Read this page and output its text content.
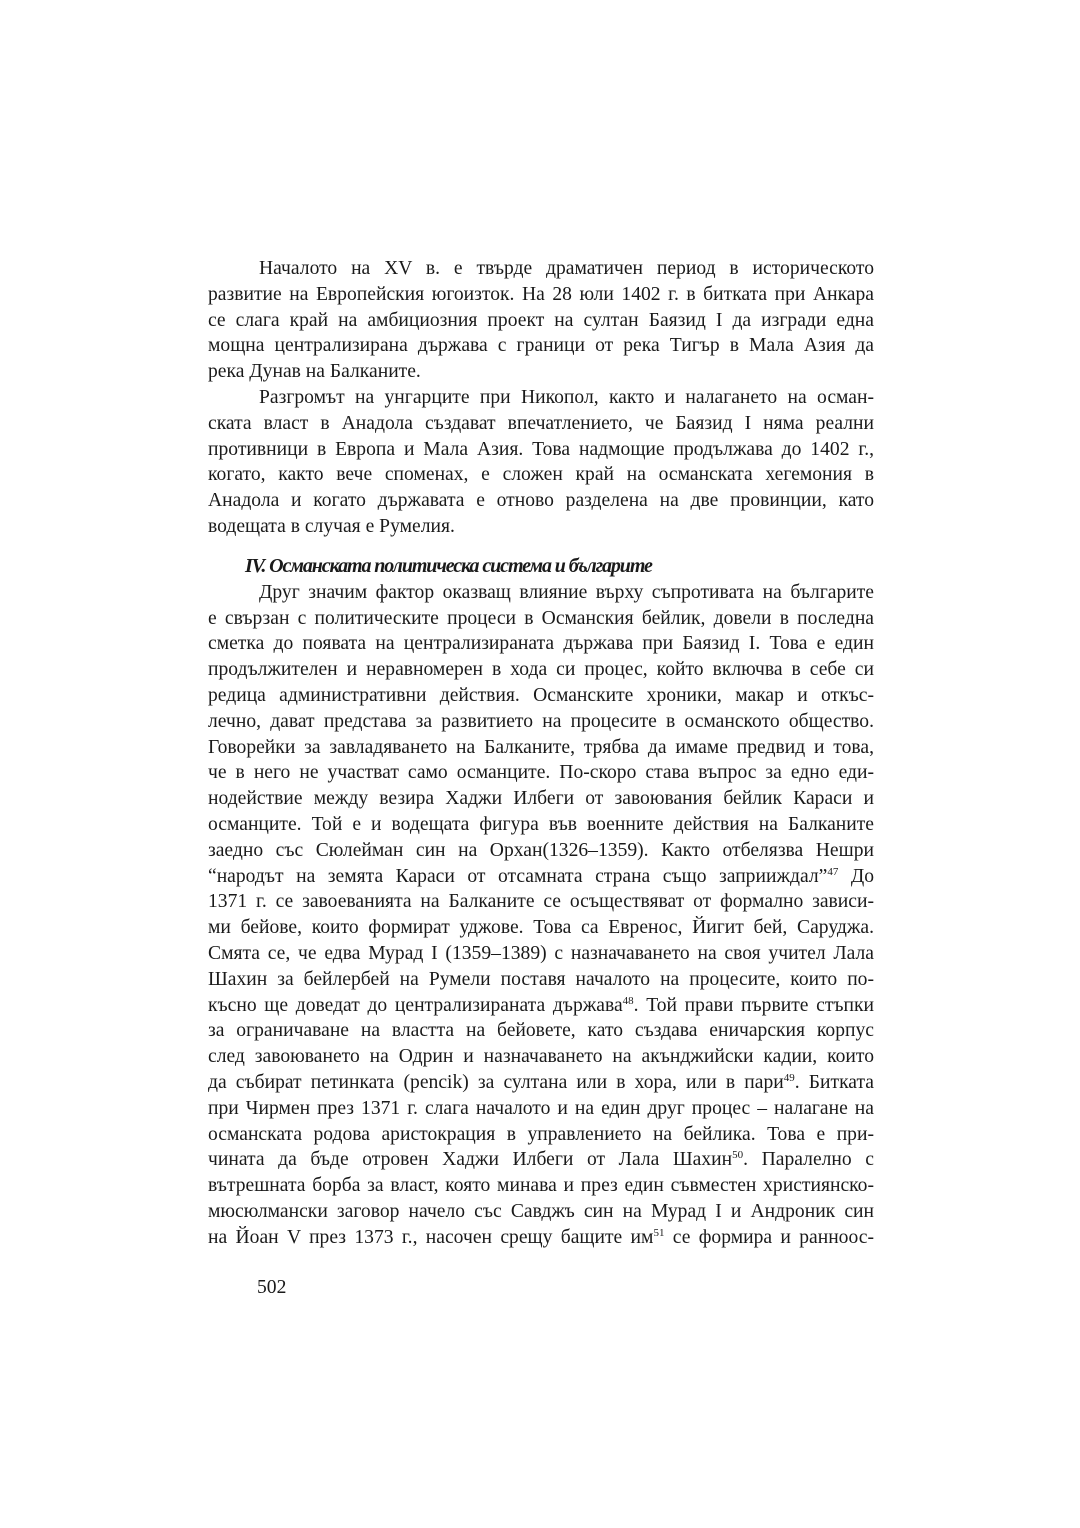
Началото на XV в. е твърде драматичен период в историческото
развитие на Европейския югоизток. На 28 юли 1402 г. в битката при Анкара
се слага край на амбициозния проект на султан Баязид I да изгради една
мощна централизирана държава с граници от река Тигър в Мала Азия да
река Дунав на Балканите.
Разгромът на унгарците при Никопол, както и налагането на осман-
ската власт в Анадола създават впечатлението, че Баязид I няма реални
противници в Европа и Мала Азия. Това надмощие продължава до 1402 г.,
когато, както вече споменах, е сложен край на османската хегемония в
Анадола и когато държавата е отново разделена на две провинции, като
водещата в случая е Румелия.
IV. Османската политическа система и българите
Друг значим фактор оказващ влияние върху съпротивата на българите
е свързан с политическите процеси в Османския бейлик, довели в последна
сметка до появата на централизираната държава при Баязид I. Това е един
продължителен и неравномерен в хода си процес, който включва в себе си
редица административни действия. Османските хроники, макар и откъс-
лечно, дават представа за развитието на процесите в османското общество.
Говорейки за завладяването на Балканите, трябва да имаме предвид и това,
че в него не участват само османците. По-скоро става въпрос за едно еди-
нодействие между везира Хаджи Илбеги от завоювания бейлик Караси и
османците. Той е и водещата фигура във военните действия на Балканите
заедно със Сюлейман син на Орхан(1326–1359). Както отбелязва Нешри
“народът на земята Караси от отсамната страна също заприиждал”$^{47}$ До
1371 г. се завоеванията на Балканите се осъществяват от формално зависи-
ми бейове, които формират уджове. Това са Евренос, Йигит бей, Саруджа.
Смята се, че едва Мурад I (1359–1389) с назначаването на своя учител Лала
Шахин за бейлербей на Румели поставя началото на процесите, които по-
късно ще доведат до централизираната държава$^{48}$. Той прави първите стъпки
за ограничаване на властта на бейовете, като създава еничарския корпус
след завоюването на Одрин и назначаването на акънджийски кадии, които
да събират петинката (pencik) за султана или в хора, или в пари$^{49}$. Битката
при Чирмен през 1371 г. слага началото и на един друг процес – налагане на
османската родова аристокрация в управлението на бейлика. Това е при-
чината да бъде отровен Хаджи Илбеги от Лала Шахин$^{50}$. Паралелно с
вътрешната борба за власт, която минава и през един съвместен християнско-
мюсюлмански заговор начело със Савджъ син на Мурад I и Андроник син
на Йоан V през 1373 г., насочен срещу бащите $им^{51}$ се формира и ранноос-
502
